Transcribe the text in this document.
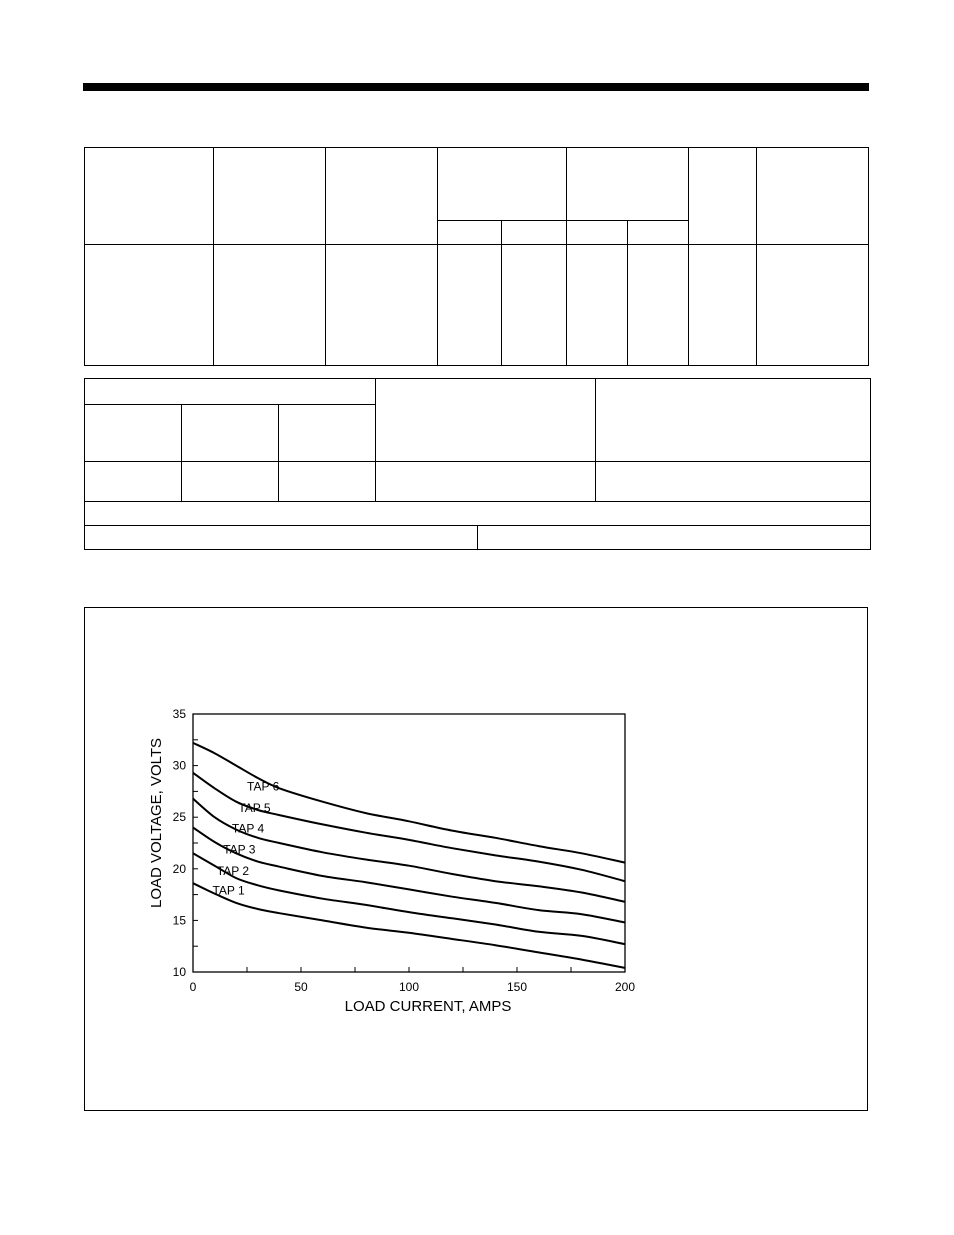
0	50	100	150	200
10
15
20
25
30
35
TAP 1
TAP 2
TAP 3
TAP 4
TAP 5
TAP 6
LOAD CURRENT, AMPS
LOAD VOLTAGE, VOLTS
